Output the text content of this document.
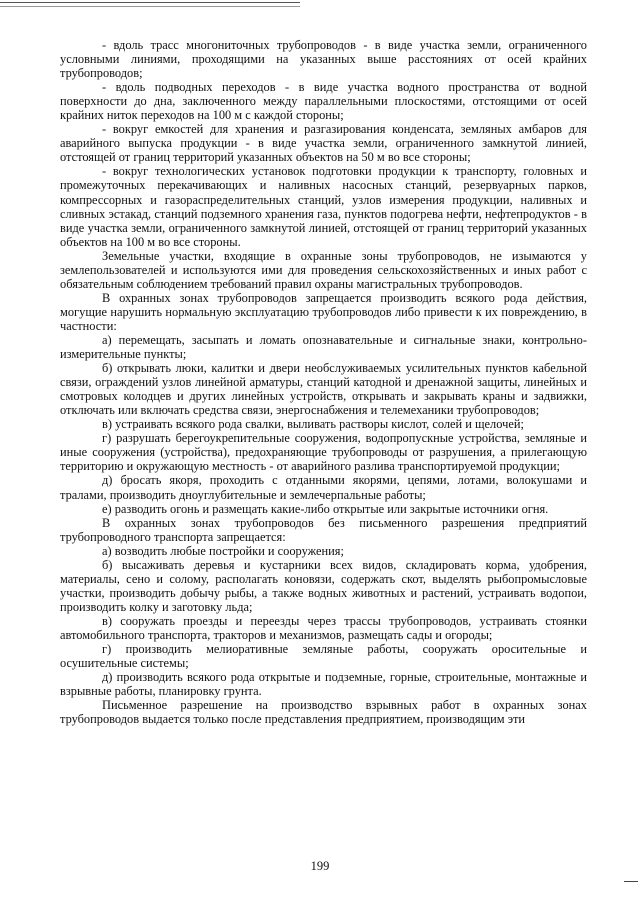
- вдоль трасс многониточных трубопроводов - в виде участка земли, ограниченного условными линиями, проходящими на указанных выше расстояниях от осей крайних трубопроводов;

- вдоль подводных переходов - в виде участка водного пространства от водной поверхности до дна, заключенного между параллельными плоскостями, отстоящими от осей крайних ниток переходов на 100 м с каждой стороны;

- вокруг емкостей для хранения и разгазирования конденсата, земляных амбаров для аварийного выпуска продукции - в виде участка земли, ограниченного замкнутой линией, отстоящей от границ территорий указанных объектов на 50 м во все стороны;

- вокруг технологических установок подготовки продукции к транспорту, головных и промежуточных перекачивающих и наливных насосных станций, резервуарных парков, компрессорных и газораспределительных станций, узлов измерения продукции, наливных и сливных эстакад, станций подземного хранения газа, пунктов подогрева нефти, нефтепродуктов - в виде участка земли, ограниченного замкнутой линией, отстоящей от границ территорий указанных объектов на 100 м во все стороны.

Земельные участки, входящие в охранные зоны трубопроводов, не изымаются у землепользователей и используются ими для проведения сельскохозяйственных и иных работ с обязательным соблюдением требований правил охраны магистральных трубопроводов.

В охранных зонах трубопроводов запрещается производить всякого рода действия, могущие нарушить нормальную эксплуатацию трубопроводов либо привести к их повреждению, в частности:

а) перемещать, засыпать и ломать опознавательные и сигнальные знаки, контрольно-измерительные пункты;

б) открывать люки, калитки и двери необслуживаемых усилительных пунктов кабельной связи, ограждений узлов линейной арматуры, станций катодной и дренажной защиты, линейных и смотровых колодцев и других линейных устройств, открывать и закрывать краны и задвижки, отключать или включать средства связи, энергоснабжения и телемеханики трубопроводов;

в) устраивать всякого рода свалки, выливать растворы кислот, солей и щелочей;

г) разрушать берегоукрепительные сооружения, водопропускные устройства, земляные и иные сооружения (устройства), предохраняющие трубопроводы от разрушения, а прилегающую территорию и окружающую местность - от аварийного разлива транспортируемой продукции;

д) бросать якоря, проходить с отданными якорями, цепями, лотами, волокушами и тралами, производить дноуглубительные и землечерпальные работы;

е) разводить огонь и размещать какие-либо открытые или закрытые источники огня.

В охранных зонах трубопроводов без письменного разрешения предприятий трубопроводного транспорта запрещается:

а) возводить любые постройки и сооружения;

б) высаживать деревья и кустарники всех видов, складировать корма, удобрения, материалы, сено и солому, располагать коновязи, содержать скот, выделять рыбопромысловые участки, производить добычу рыбы, а также водных животных и растений, устраивать водопои, производить колку и заготовку льда;

в) сооружать проезды и переезды через трассы трубопроводов, устраивать стоянки автомобильного транспорта, тракторов и механизмов, размещать сады и огороды;

г) производить мелиоративные земляные работы, сооружать оросительные и осушительные системы;

д) производить всякого рода открытые и подземные, горные, строительные, монтажные и взрывные работы, планировку грунта.

Письменное разрешение на производство взрывных работ в охранных зонах трубопроводов выдается только после представления предприятием, производящим эти

199
